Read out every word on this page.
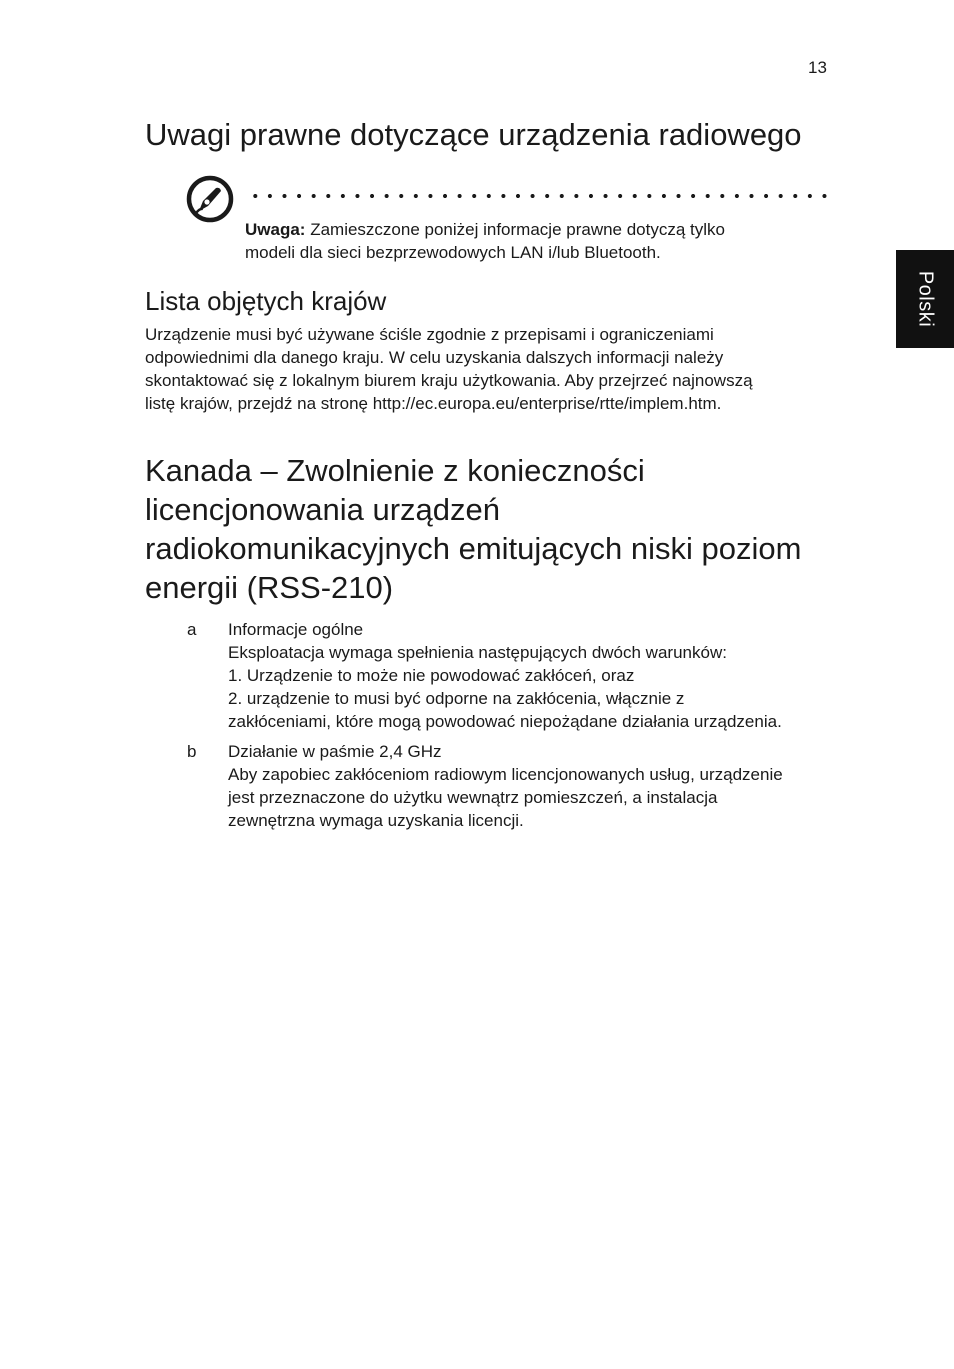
13
Polski
Uwagi prawne dotyczące urządzenia radiowego
Uwaga: Zamieszczone poniżej informacje prawne dotyczą tylko
modeli dla sieci bezprzewodowych LAN i/lub Bluetooth.
Lista objętych krajów
Urządzenie musi być używane ściśle zgodnie z przepisami i ograniczeniami
odpowiednimi dla danego kraju. W celu uzyskania dalszych informacji należy
skontaktować się z lokalnym biurem kraju użytkowania. Aby przejrzeć najnowszą
listę krajów, przejdź na stronę http://ec.europa.eu/enterprise/rtte/implem.htm.
Kanada – Zwolnienie z konieczności
licencjonowania urządzeń
radiokomunikacyjnych emitujących niski poziom
energii (RSS-210)
a Informacje ogólne
Eksploatacja wymaga spełnienia następujących dwóch warunków:
1. Urządzenie to może nie powodować zakłóceń, oraz
2. urządzenie to musi być odporne na zakłócenia, włącznie z
zakłóceniami, które mogą powodować niepożądane działania urządzenia.
b Działanie w paśmie 2,4 GHz
Aby zapobiec zakłóceniom radiowym licencjonowanych usług, urządzenie
jest przeznaczone do użytku wewnątrz pomieszczeń, a instalacja
zewnętrzna wymaga uzyskania licencji.
